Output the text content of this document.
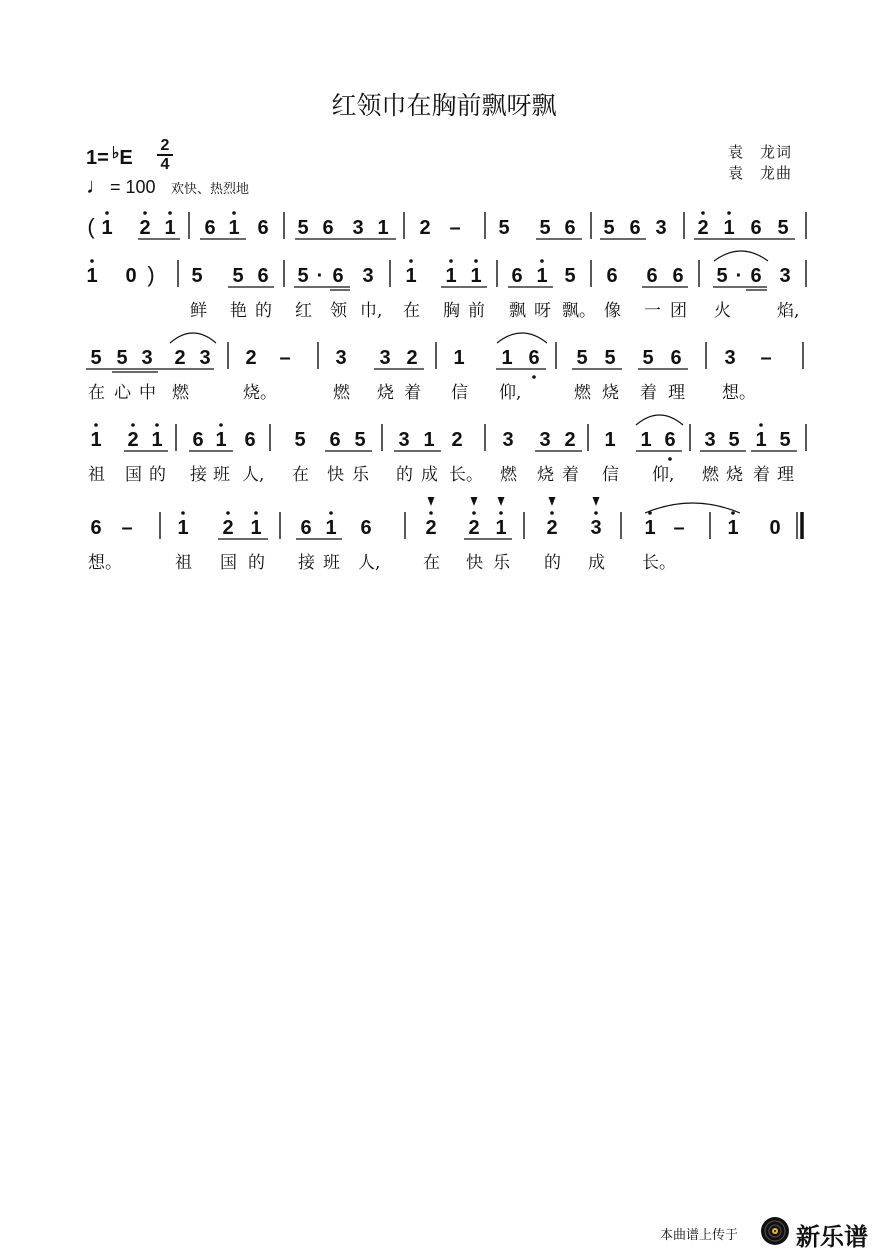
红领巾在胸前飘呀飘
1= ♭E
2
4
♩ = 100 欢快、热烈地
袁　龙词
袁　龙曲
( 1 2 1 6 1 6 5 6 3 1 2 – 5 5 6 5 6 3 2 1 6 5
1 0 ) 5 5 6 5 · 6 3 1 1 1 6 1 5 6 6 6 5 · 6 3
鲜 艳 的 红 领 巾, 在 胸 前 飘 呀 飘。 像 一 团 火	焰,
5 5 3 2 3 2 – 3 3 2 1 1 6 5 5 5 6 3 –
在 心 中 燃	烧。	燃 烧 着 信 仰,	燃 烧 着 理 想。
1 2 1 6 1 6 5 6 5 3 1 2 3 3 2 1 1 6 3 5 1 5
祖 国 的 接 班 人, 在 快 乐 的 成 长。 燃 烧 着 信 仰, 燃 烧 着 理
6 – 1 2 1 6 1 6	2 2 1 2 3 1 – 1 0
想。	祖 国 的 接 班 人,	在 快 乐 的 成 长。
本曲谱上传于 新乐谱
